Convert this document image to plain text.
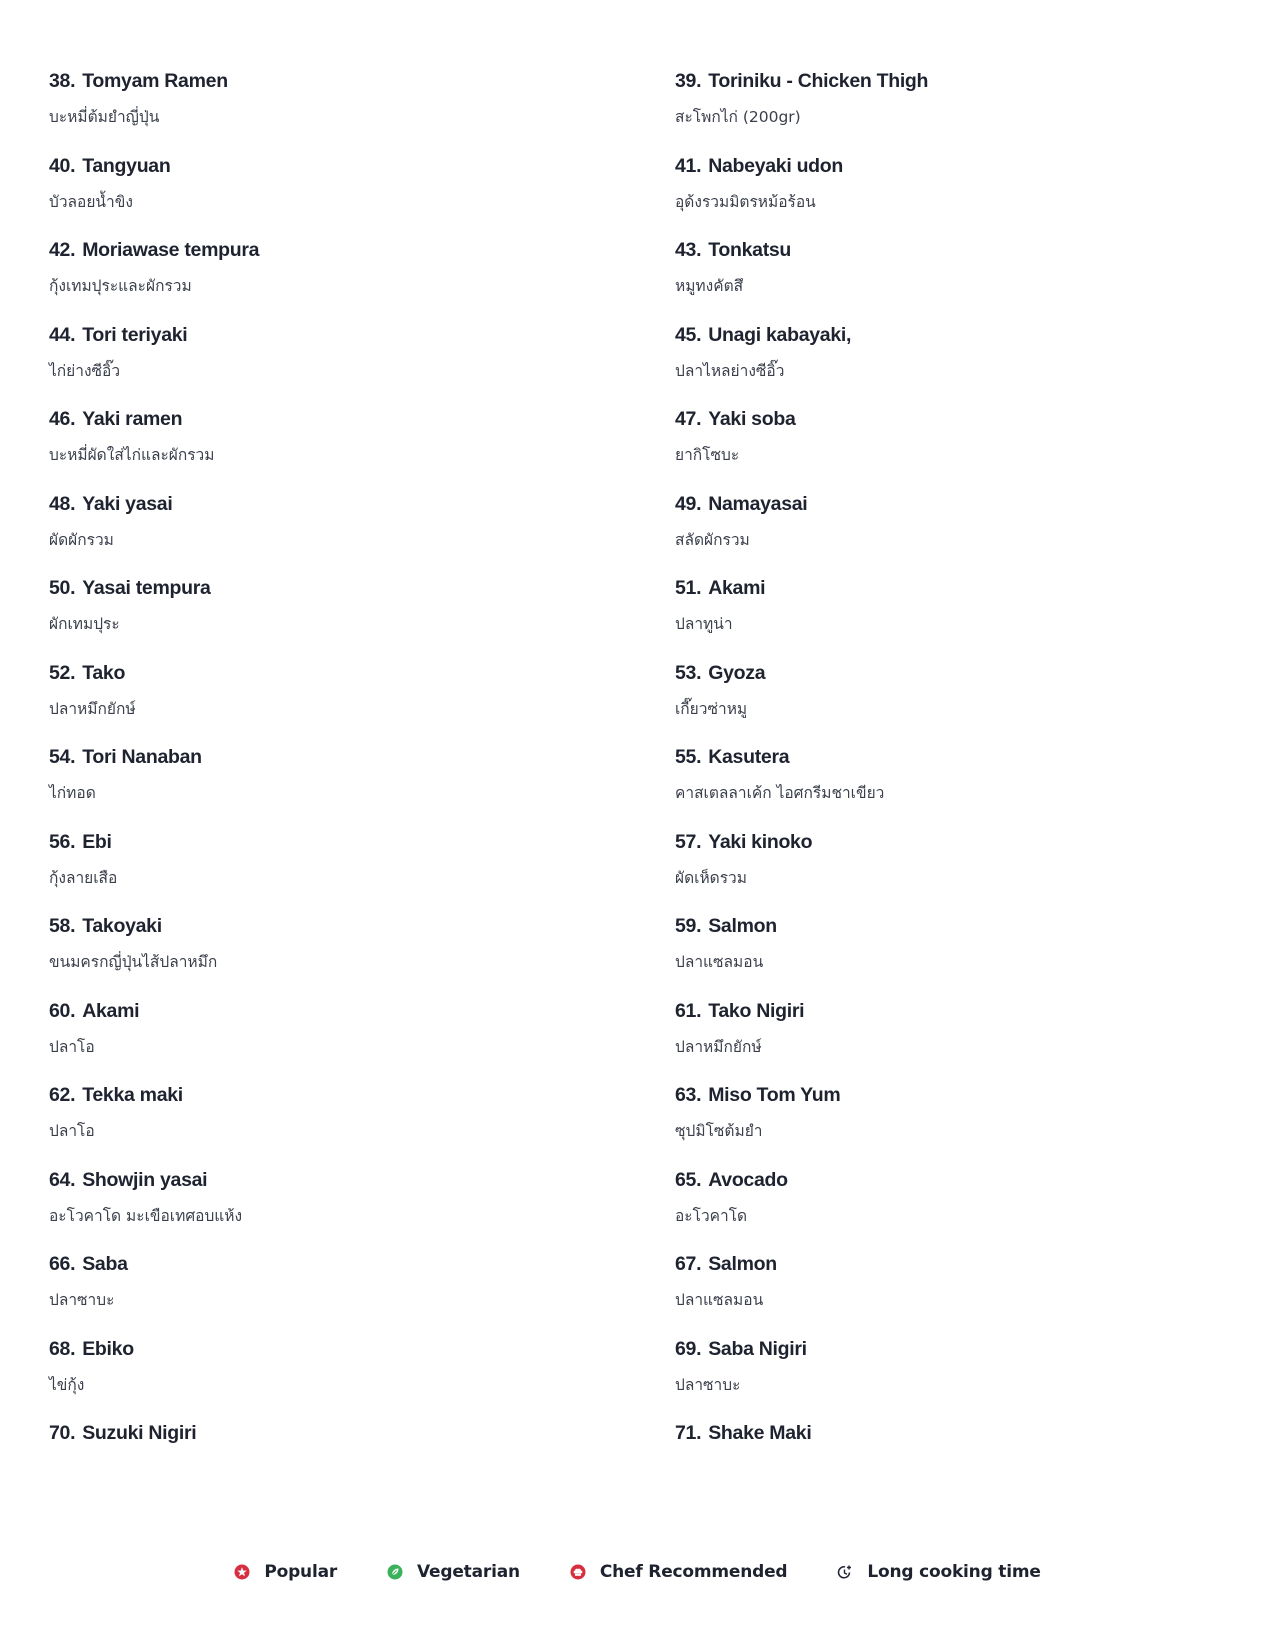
38. Tomyam Ramen
บะหมี่ต้มยำญี่ปุ่น
39. Toriniku - Chicken Thigh
สะโพกไก่ (200gr)
40. Tangyuan
บัวลอยน้ำขิง
41. Nabeyaki udon
อุด้งรวมมิตรหม้อร้อน
42. Moriawase tempura
กุ้งเทมปุระและผักรวม
43. Tonkatsu
หมูทงคัตสึ
44. Tori teriyaki
ไก่ย่างซีอิ๊ว
45. Unagi kabayaki,
ปลาไหลย่างซีอิ๊ว
46. Yaki ramen
บะหมี่ผัดใส่ไก่และผักรวม
47. Yaki soba
ยากิโซบะ
48. Yaki yasai
ผัดผักรวม
49. Namayasai
สลัดผักรวม
50. Yasai tempura
ผักเทมปุระ
51. Akami
ปลาทูน่า
52. Tako
ปลาหมึกยักษ์
53. Gyoza
เกี๊ยวซ่าหมู
54. Tori Nanaban
ไก่ทอด
55. Kasutera
คาสเตลลาเค้ก ไอศกรีมชาเขียว
56. Ebi
กุ้งลายเสือ
57. Yaki kinoko
ผัดเห็ดรวม
58. Takoyaki
ขนมครกญี่ปุ่นไส้ปลาหมึก
59. Salmon
ปลาแซลมอน
60. Akami
ปลาโอ
61. Tako Nigiri
ปลาหมึกยักษ์
62. Tekka maki
ปลาโอ
63. Miso Tom Yum
ซุปมิโซต้มยำ
64. Showjin yasai
อะโวคาโด มะเขือเทศอบแห้ง
65. Avocado
อะโวคาโด
66. Saba
ปลาซาบะ
67. Salmon
ปลาแซลมอน
68. Ebiko
ไข่กุ้ง
69. Saba Nigiri
ปลาซาบะ
70. Suzuki Nigiri	71. Shake Maki
Popular	Vegetarian	Chef Recommended	Long cooking time
